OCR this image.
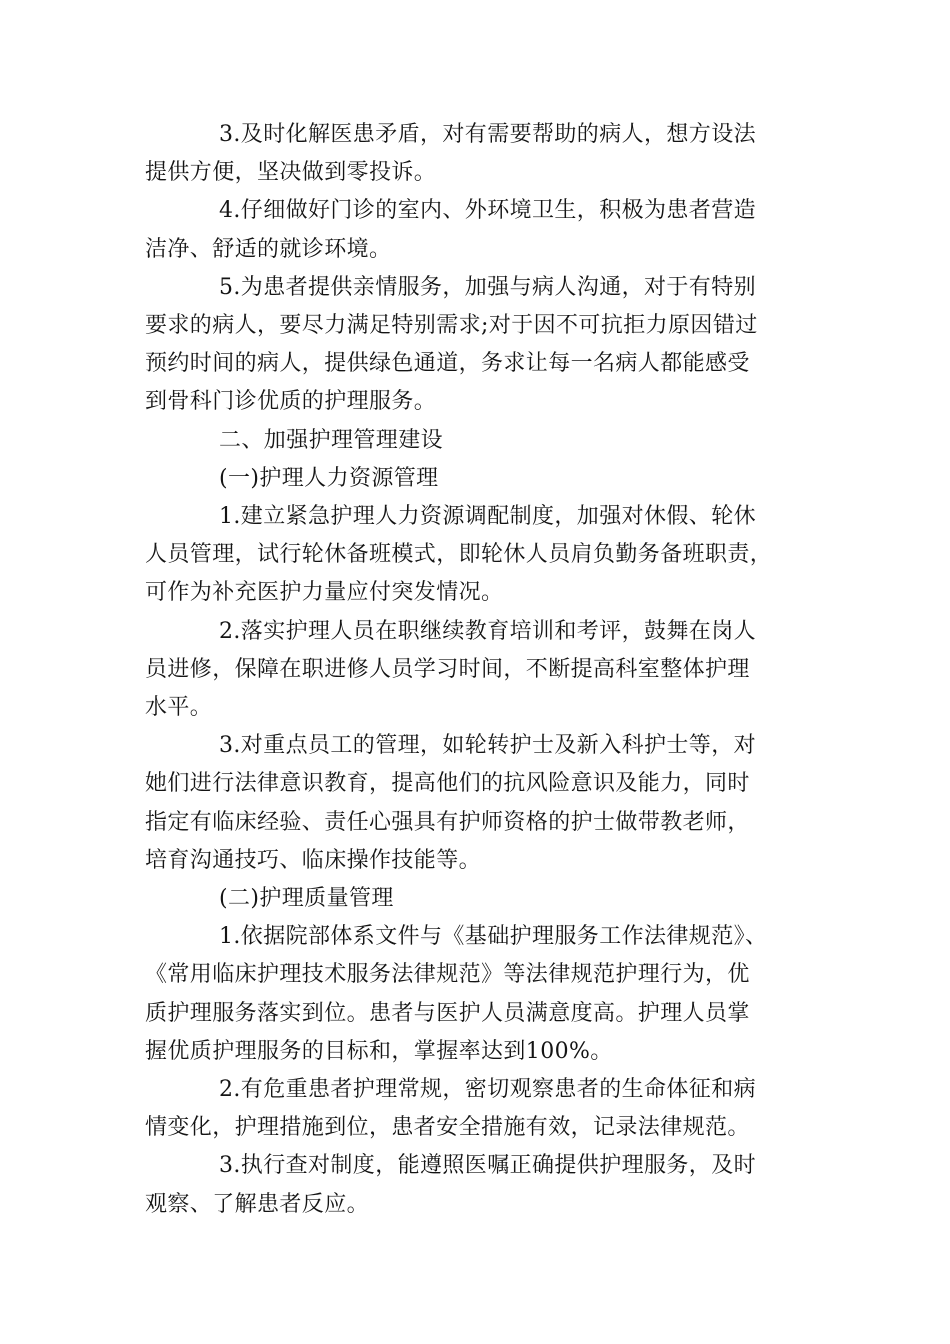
3.及时化解医患矛盾，对有需要帮助的病人，想方设法
提供方便，坚决做到零投诉。

4.仔细做好门诊的室内、外环境卫生，积极为患者营造
洁净、舒适的就诊环境。

5.为患者提供亲情服务，加强与病人沟通，对于有特别
要求的病人，要尽力满足特别需求;对于因不可抗拒力原因错过
预约时间的病人，提供绿色通道，务求让每一名病人都能感受
到骨科门诊优质的护理服务。

二、加强护理管理建设

(一)护理人力资源管理

1.建立紧急护理人力资源调配制度，加强对休假、轮休
人员管理，试行轮休备班模式，即轮休人员肩负勤务备班职责，
可作为补充医护力量应付突发情况。

2.落实护理人员在职继续教育培训和考评，鼓舞在岗人
员进修，保障在职进修人员学习时间，不断提高科室整体护理
水平。

3.对重点员工的管理，如轮转护士及新入科护士等，对
她们进行法律意识教育，提高他们的抗风险意识及能力，同时
指定有临床经验、责任心强具有护师资格的护士做带教老师，
培育沟通技巧、临床操作技能等。

(二)护理质量管理

1.依据院部体系文件与《基础护理服务工作法律规范》、
《常用临床护理技术服务法律规范》等法律规范护理行为，优
质护理服务落实到位。患者与医护人员满意度高。护理人员掌
握优质护理服务的目标和，掌握率达到100%。

2.有危重患者护理常规，密切观察患者的生命体征和病
情变化，护理措施到位，患者安全措施有效，记录法律规范。

3.执行查对制度，能遵照医嘱正确提供护理服务，及时
观察、了解患者反应。
